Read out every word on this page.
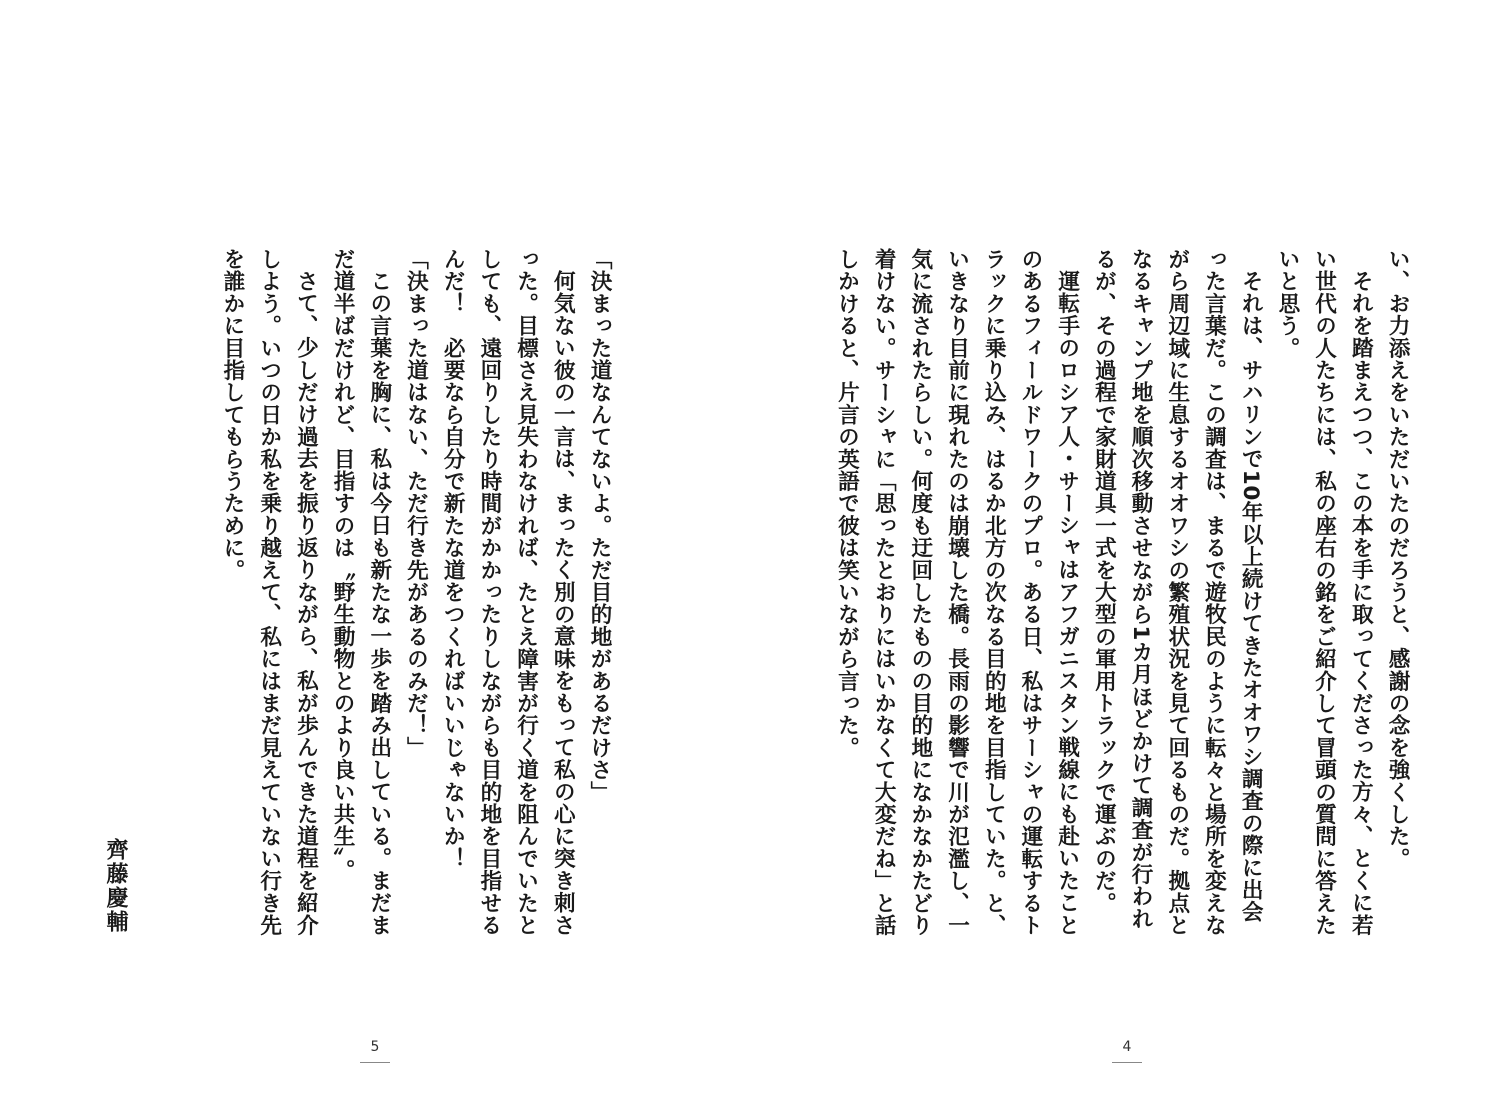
「決まった道なんてないよ。ただ目的地があるだけさ」

何気ない彼の一言は、まったく別の意味をもって私の心に突き刺さった。目標さえ見失わなければ、たとえ障害が行く道を阻んでいたとしても、遠回りしたり時間がかかったりしながらも目的地を目指せるんだ！　必要なら自分で新たな道をつくればいいじゃないか！

「決まった道はない、ただ行き先があるのみだ！」

この言葉を胸に、私は今日も新たな一歩を踏み出している。まだまだ道半ばだけれど、目指すのは〝野生動物とのより良い共生〟。

さて、少しだけ過去を振り返りながら、私が歩んできた道程を紹介しよう。いつの日か私を乗り越えて、私にはまだ見えていない行き先を誰かに目指してもらうために。

齊藤慶輔
5

い、お力添えをいただいたのだろうと、感謝の念を強くした。

それを踏まえつつ、この本を手に取ってくださった方々、とくに若い世代の人たちには、私の座右の銘をご紹介して冒頭の質問に答えたいと思う。

それは、サハリンで10年以上続けてきたオオワシ調査の際に出会った言葉だ。この調査は、まるで遊牧民のように転々と場所を変えながら周辺域に生息するオオワシの繁殖状況を見て回るものだ。拠点となるキャンプ地を順次移動させながら1カ月ほどかけて調査が行われるが、その過程で家財道具一式を大型の軍用トラックで運ぶのだ。

運転手のロシア人・サーシャはアフガニスタン戦線にも赴いたことのあるフィールドワークのプロ。ある日、私はサーシャの運転するトラックに乗り込み、はるか北方の次なる目的地を目指していた。と、いきなり目前に現れたのは崩壊した橋。長雨の影響で川が氾濫し、一気に流されたらしい。何度も迂回したものの目的地になかなかたどり着けない。サーシャに「思ったとおりにはいかなくて大変だね」と話しかけると、片言の英語で彼は笑いながら言った。

4
